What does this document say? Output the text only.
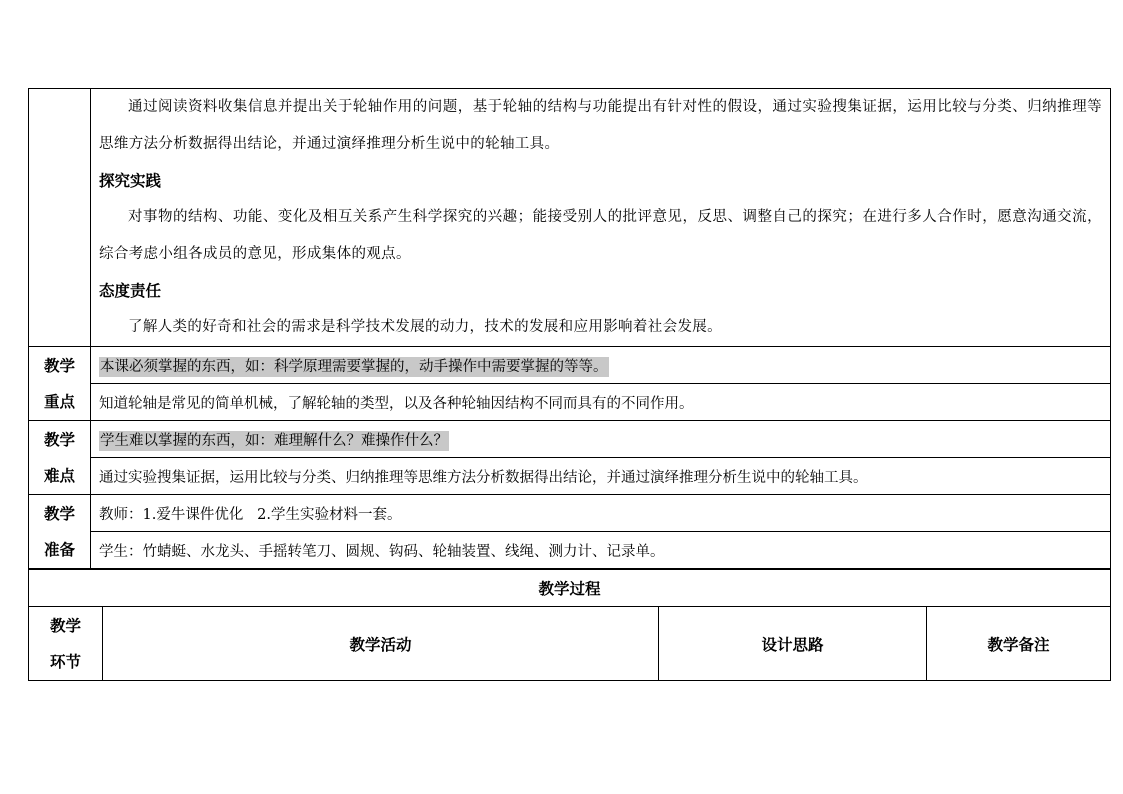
	通过阅读资料收集信息并提出关于轮轴作用的问题，基于轮轴的结构与功能提出有针对性的假设，通过实验搜集证据，运用比较与分类、归纳推理等思维方法分析数据得出结论，并通过演绎推理分析生说中的轮轴工具。
探究实践
对事物的结构、功能、变化及相互关系产生科学探究的兴趣；能接受别人的批评意见，反思、调整自己的探究；在进行多人合作时，愿意沟通交流，综合考虑小组各成员的意见，形成集体的观点。
态度责任
了解人类的好奇和社会的需求是科学技术发展的动力，技术的发展和应用影响着社会发展。

教学
重点	本课必须掌握的东西，如：科学原理需要掌握的，动手操作中需要掌握的等等。
	知道轮轴是常见的简单机械，了解轮轴的类型，以及各种轮轴因结构不同而具有的不同作用。

教学
难点	学生难以掌握的东西，如：难理解什么？难操作什么？
	通过实验搜集证据，运用比较与分类、归纳推理等思维方法分析数据得出结论，并通过演绎推理分析生说中的轮轴工具。

教学
准备	教师：1.爱牛课件优化   2.学生实验材料一套。
	学生：竹蜻蜓、水龙头、手摇转笔刀、圆规、钩码、轮轴装置、线绳、测力计、记录单。
教学过程

教学
环节
	教学活动	设计思路	教学备注
